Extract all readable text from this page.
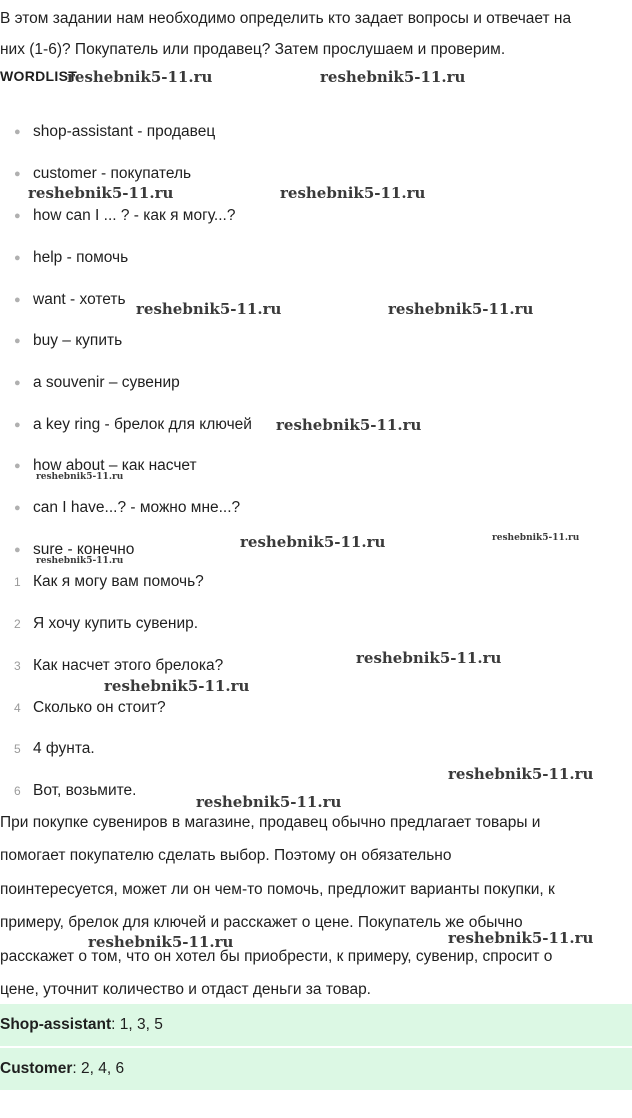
В этом задании нам необходимо определить кто задает вопросы и отвечает на

них (1-6)? Покупатель или продавец? Затем прослушаем и проверим.

WORDLIST
● shop-assistant - продавец
● customer - покупатель
● how can I ... ? - как я могу...?
● help - помочь
● want - хотеть
● buy – купить
● a souvenir – сувенир
● a key ring - брелок для ключей
● how about – как насчет
● can I have...? - можно мне...?
● sure - конечно
1 Как я могу вам помочь?
2 Я хочу купить сувенир.
3 Как насчет этого брелока?
4 Сколько он стоит?
5 4 фунта.
6 Вот, возьмите.

При покупке сувениров в магазине, продавец обычно предлагает товары и

помогает покупателю сделать выбор. Поэтому он обязательно

поинтересуется, может ли он чем-то помочь, предложит варианты покупки, к

примеру, брелок для ключей и расскажет о цене. Покупатель же обычно

расскажет о том, что он хотел бы приобрести, к примеру, сувенир, спросит о

цене, уточнит количество и отдаст деньги за товар.

Shop-assistant: 1, 3, 5
Customer: 2, 4, 6
reshebnik5-11.ru	reshebnik5-11.ru
reshebnik5-11.ru	reshebnik5-11.ru
reshebnik5-11.ru	reshebnik5-11.ru
reshebnik5-11.ru
reshebnik5-11.ru
reshebnik5-11.ru	reshebnik5-11.ru
reshebnik5-11.ru
reshebnik5-11.ru
reshebnik5-11.ru
reshebnik5-11.ru
reshebnik5-11.ru
reshebnik5-11.ru
reshebnik5-11.ru
